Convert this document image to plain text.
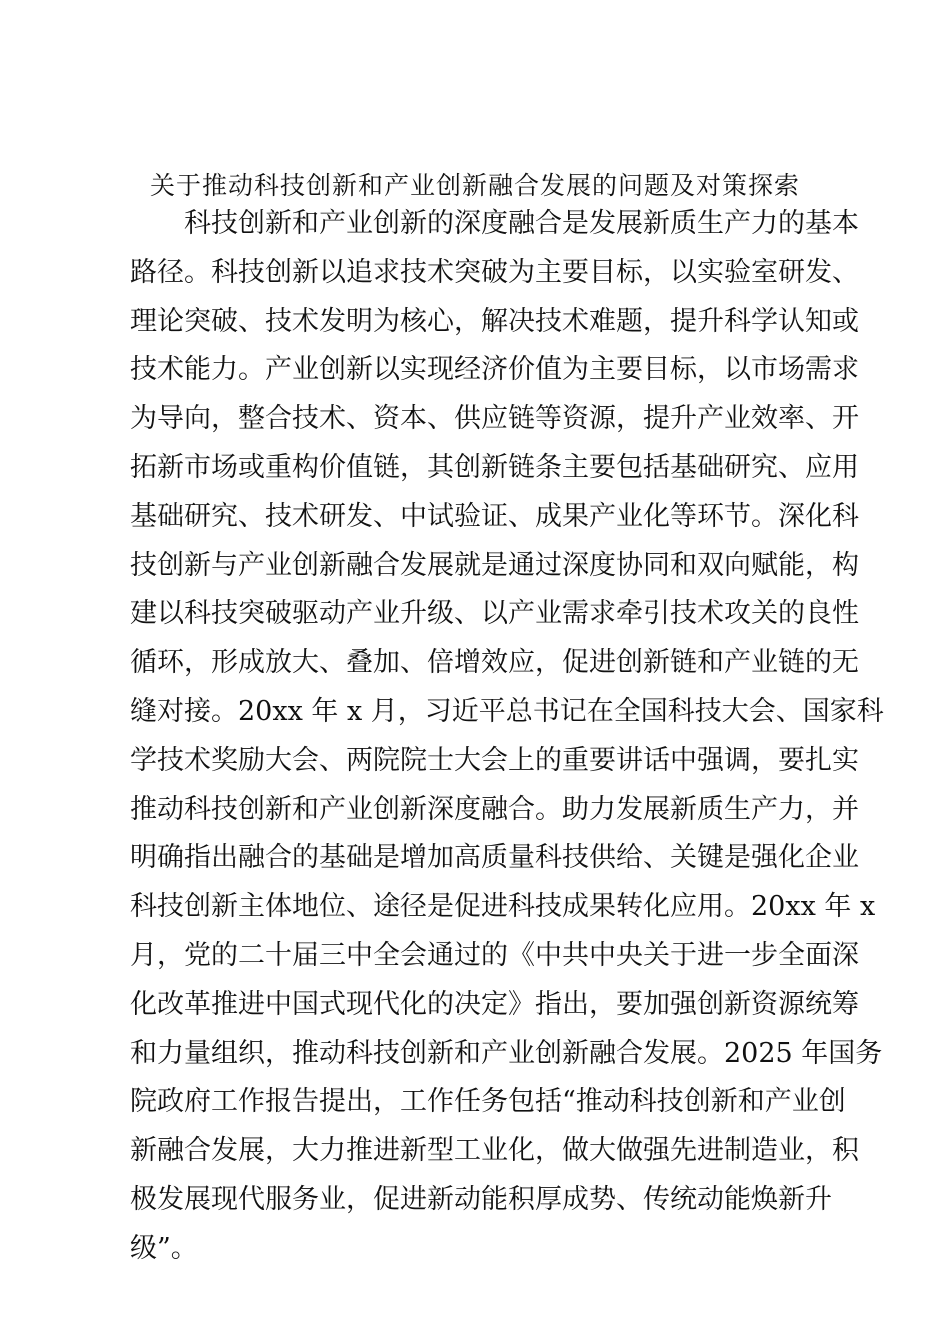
关于推动科技创新和产业创新融合发展的问题及对策探索
科技创新和产业创新的深度融合是发展新质生产力的基本
路径。科技创新以追求技术突破为主要目标，以实验室研发、
理论突破、技术发明为核心，解决技术难题，提升科学认知或
技术能力。产业创新以实现经济价值为主要目标，以市场需求
为导向，整合技术、资本、供应链等资源，提升产业效率、开
拓新市场或重构价值链，其创新链条主要包括基础研究、应用
基础研究、技术研发、中试验证、成果产业化等环节。深化科
技创新与产业创新融合发展就是通过深度协同和双向赋能，构
建以科技突破驱动产业升级、以产业需求牵引技术攻关的良性
循环，形成放大、叠加、倍增效应，促进创新链和产业链的无
缝对接。20xx 年 x 月，习近平总书记在全国科技大会、国家科
学技术奖励大会、两院院士大会上的重要讲话中强调，要扎实
推动科技创新和产业创新深度融合。助力发展新质生产力，并
明确指出融合的基础是增加高质量科技供给、关键是强化企业
科技创新主体地位、途径是促进科技成果转化应用。20xx 年 x
月，党的二十届三中全会通过的《中共中央关于进一步全面深
化改革推进中国式现代化的决定》指出，要加强创新资源统筹
和力量组织，推动科技创新和产业创新融合发展。2025 年国务
院政府工作报告提出，工作任务包括“推动科技创新和产业创
新融合发展，大力推进新型工业化，做大做强先进制造业，积
极发展现代服务业，促进新动能积厚成势、传统动能焕新升
级”。
